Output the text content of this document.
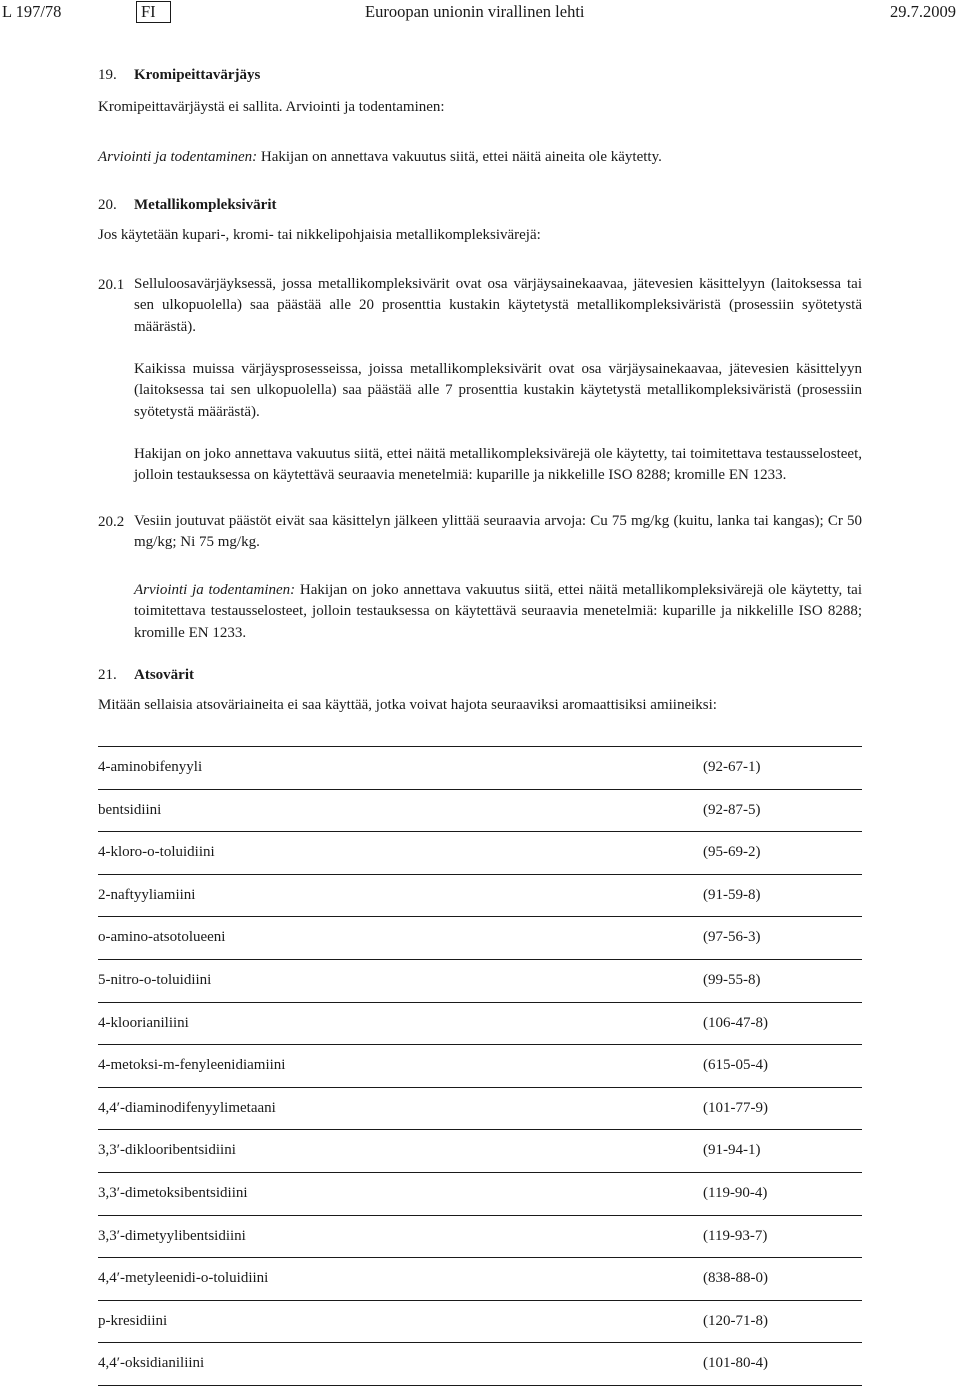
L 197/78	FI	Euroopan unionin virallinen lehti	29.7.2009
19. Kromipeittavärjäys
Kromipeittavärjäystä ei sallita. Arviointi ja todentaminen:
Arviointi ja todentaminen: Hakijan on annettava vakuutus siitä, ettei näitä aineita ole käytetty.
20. Metallikompleksivärit
Jos käytetään kupari-, kromi- tai nikkelipohjaisia metallikompleksivärejä:
20.1 Selluloosavärjäyksessä, jossa metallikompleksivärit ovat osa värjäysainekaavaa, jätevesien käsittelyyn (laitoksessa tai sen ulkopuolella) saa päästää alle 20 prosenttia kustakin käytetystä metallikompleksiväristä (prosessiin syötetystä määrästä).
Kaikissa muissa värjäysprosesseissa, joissa metallikompleksivärit ovat osa värjäysainekaavaa, jätevesien käsittelyyn (laitoksessa tai sen ulkopuolella) saa päästää alle 7 prosenttia kustakin käytetystä metallikompleksiväristä (prosessiin syötetystä määrästä).
Hakijan on joko annettava vakuutus siitä, ettei näitä metallikompleksivärejä ole käytetty, tai toimitettava testausselosteet, jolloin testauksessa on käytettävä seuraavia menetelmiä: kuparille ja nikkelille ISO 8288; kromille EN 1233.
20.2 Vesiin joutuvat päästöt eivät saa käsittelyn jälkeen ylittää seuraavia arvoja: Cu 75 mg/kg (kuitu, lanka tai kangas); Cr 50 mg/kg; Ni 75 mg/kg.
Arviointi ja todentaminen: Hakijan on joko annettava vakuutus siitä, ettei näitä metallikompleksivärejä ole käytetty, tai toimitettava testausselosteet, jolloin testauksessa on käytettävä seuraavia menetelmiä: kuparille ja nikkelille ISO 8288; kromille EN 1233.
21. Atsovärit
Mitään sellaisia atsoväriaineita ei saa käyttää, jotka voivat hajota seuraaviksi aromaattisiksi amiineiksi:
4-aminobifenyyli	(92-67-1)
bentsidiini	(92-87-5)
4-kloro-o-toluidiini	(95-69-2)
2-naftyyliamiini	(91-59-8)
o-amino-atsotolueeni	(97-56-3)
5-nitro-o-toluidiini	(99-55-8)
4-kloorianiliini	(106-47-8)
4-metoksi-m-fenyleenidiamiini	(615-05-4)
4,4′-diaminodifenyylimetaani	(101-77-9)
3,3′-diklooribentsidiini	(91-94-1)
3,3′-dimetoksibentsidiini	(119-90-4)
3,3′-dimetyylibentsidiini	(119-93-7)
4,4′-metyleenidi-o-toluidiini	(838-88-0)
p-kresidiini	(120-71-8)
4,4′-oksidianiliini	(101-80-4)
